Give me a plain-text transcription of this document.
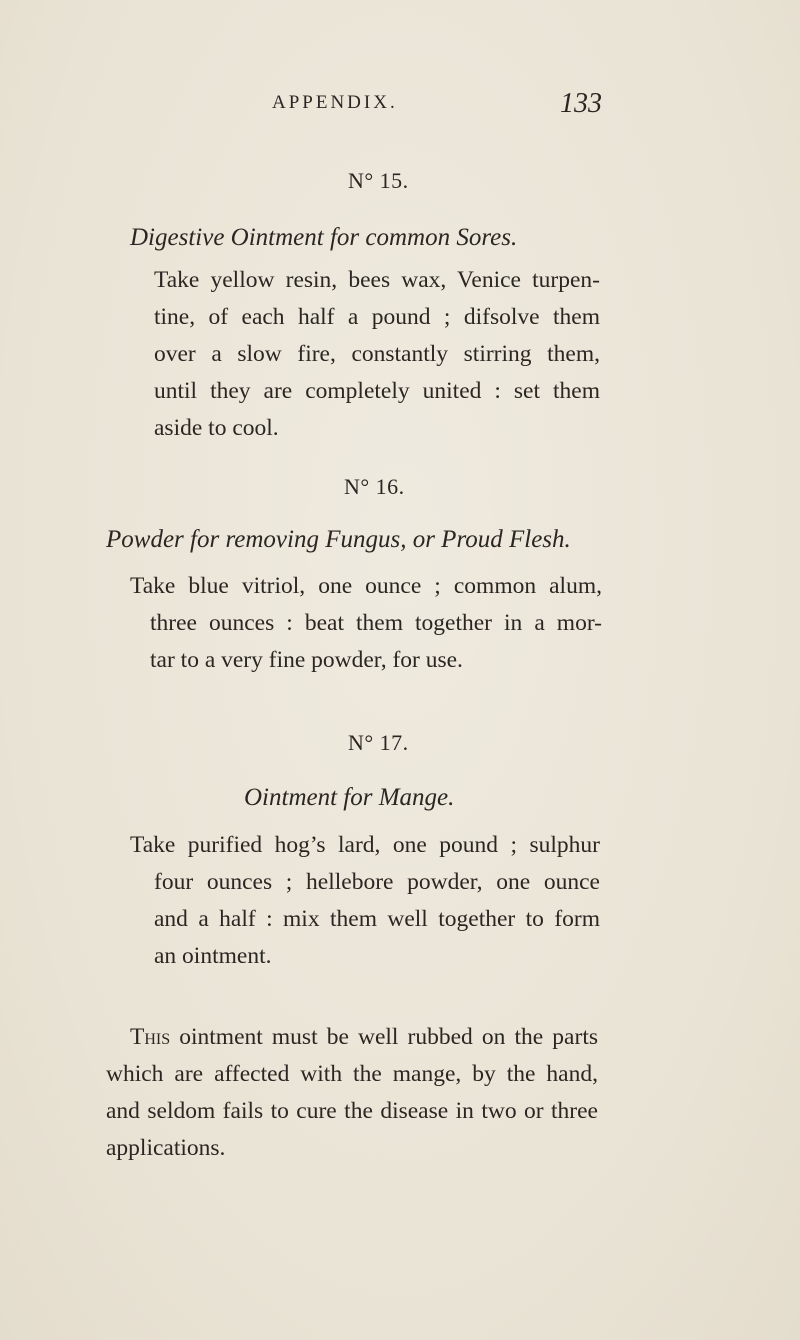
APPENDIX.	133
N° 15.
Digestive Ointment for common Sores.
Take yellow resin, bees wax, Venice turpen-
tine, of each half a pound ; difsolve them
over a slow fire, constantly stirring them,
until they are completely united : set them
aside to cool.
N° 16.
Powder for removing Fungus, or Proud Flesh.
Take blue vitriol, one ounce ; common alum,
three ounces : beat them together in a mor-
tar to a very fine powder, for use.
N° 17.
Ointment for Mange.
Take purified hog’s lard, one pound ; sulphur
four ounces ; hellebore powder, one ounce
and a half : mix them well together to form
an ointment.
This ointment must be well rubbed on the parts
which are affected with the mange, by the hand,
and seldom fails to cure the disease in two or three
applications.
